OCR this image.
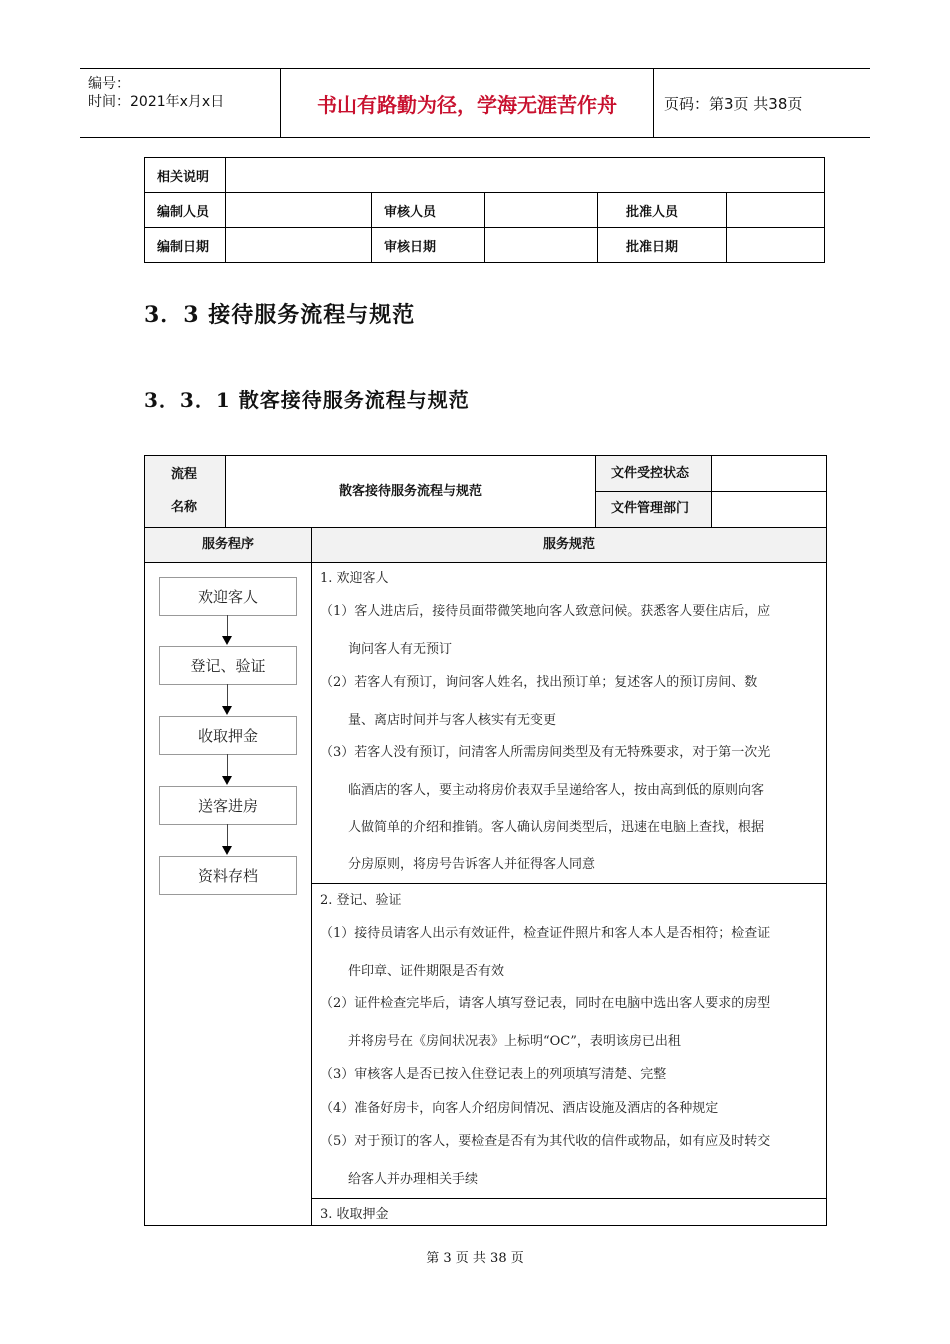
编号：
时间：2021年x月x日	书山有路勤为径，学海无涯苦作舟	页码：第3页 共38页
相关说明					
编制人员		审核人员		批准人员	
编制日期		审核日期		批准日期	
3．3 接待服务流程与规范
3．3．1 散客接待服务流程与规范
流程
名称
散客接待服务流程与规范
文件受控状态
文件管理部门
服务程序	服务规范
欢迎客人
登记、验证
收取押金
送客进房
资料存档
1. 欢迎客人
（1）客人进店后，接待员面带微笑地向客人致意问候。获悉客人要住店后，应
询问客人有无预订
（2）若客人有预订，询问客人姓名，找出预订单；复述客人的预订房间、数
量、离店时间并与客人核实有无变更
（3）若客人没有预订，问清客人所需房间类型及有无特殊要求，对于第一次光
临酒店的客人，要主动将房价表双手呈递给客人，按由高到低的原则向客
人做简单的介绍和推销。客人确认房间类型后，迅速在电脑上查找，根据
分房原则，将房号告诉客人并征得客人同意
2. 登记、验证
（1）接待员请客人出示有效证件，检查证件照片和客人本人是否相符；检查证
件印章、证件期限是否有效
（2）证件检查完毕后，请客人填写登记表，同时在电脑中选出客人要求的房型
并将房号在《房间状况表》上标明“OC”，表明该房已出租
（3）审核客人是否已按入住登记表上的列项填写清楚、完整
（4）准备好房卡，向客人介绍房间情况、酒店设施及酒店的各种规定
（5）对于预订的客人，要检查是否有为其代收的信件或物品，如有应及时转交
给客人并办理相关手续
3. 收取押金
第 3 页 共 38 页
